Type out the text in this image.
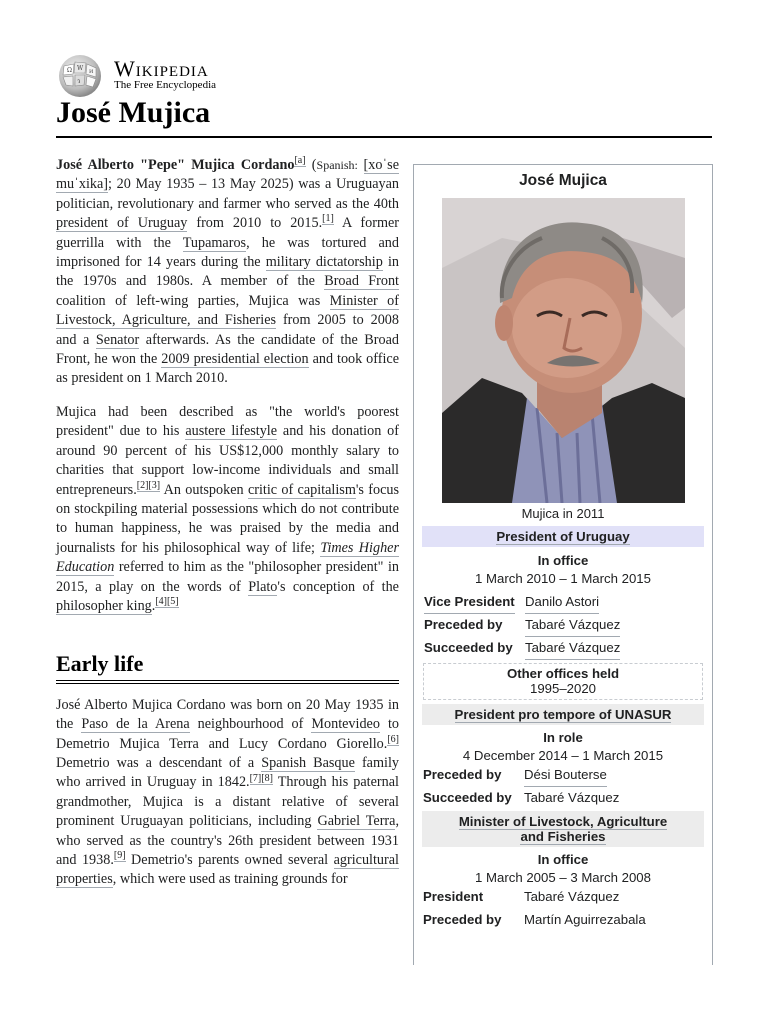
Ω W И
ว
Wikipedia
The Free Encyclopedia
José Mujica

José Alberto "Pepe" Mujica Cordano[a] (Spanish: [xoˈse muˈxika]; 20 May 1935 – 13 May 2025) was a Uruguayan politician, revolutionary and farmer who served as the 40th president of Uruguay from 2010 to 2015.[1] A former guerrilla with the Tupamaros, he was tortured and imprisoned for 14 years during the military dictatorship in the 1970s and 1980s. A member of the Broad Front coalition of left-wing parties, Mujica was Minister of Livestock, Agriculture, and Fisheries from 2005 to 2008 and a Senator afterwards. As the candidate of the Broad Front, he won the 2009 presidential election and took office as president on 1 March 2010.

Mujica had been described as "the world's poorest president" due to his austere lifestyle and his donation of around 90 percent of his US$12,000 monthly salary to charities that support low-income individuals and small entrepreneurs.[2][3] An outspoken critic of capitalism's focus on stockpiling material possessions which do not contribute to human happiness, he was praised by the media and journalists for his philosophical way of life; Times Higher Education referred to him as the "philosopher president" in 2015, a play on the words of Plato's conception of the philosopher king.[4][5]

Early life

José Alberto Mujica Cordano was born on 20 May 1935 in the Paso de la Arena neighbourhood of Montevideo to Demetrio Mujica Terra and Lucy Cordano Giorello.[6] Demetrio was a descendant of a Spanish Basque family who arrived in Uruguay in 1842.[7][8] Through his paternal grandmother, Mujica is a distant relative of several prominent Uruguayan politicians, including Gabriel Terra, who served as the country's 26th president between 1931 and 1938.[9] Demetrio's parents owned several agricultural properties, which were used as training grounds for

José Mujica
Mujica in 2011
President of Uruguay
In office
1 March 2010 – 1 March 2015
Vice President Danilo Astori
Preceded by Tabaré Vázquez
Succeeded by Tabaré Vázquez
Other offices held
1995–2020
President pro tempore of UNASUR
In role
4 December 2014 – 1 March 2015
Preceded by Dési Bouterse
Succeeded by Tabaré Vázquez
Minister of Livestock, Agriculture
and Fisheries
In office
1 March 2005 – 3 March 2008
President	Tabaré Vázquez
Preceded by Martín Aguirrezabala
